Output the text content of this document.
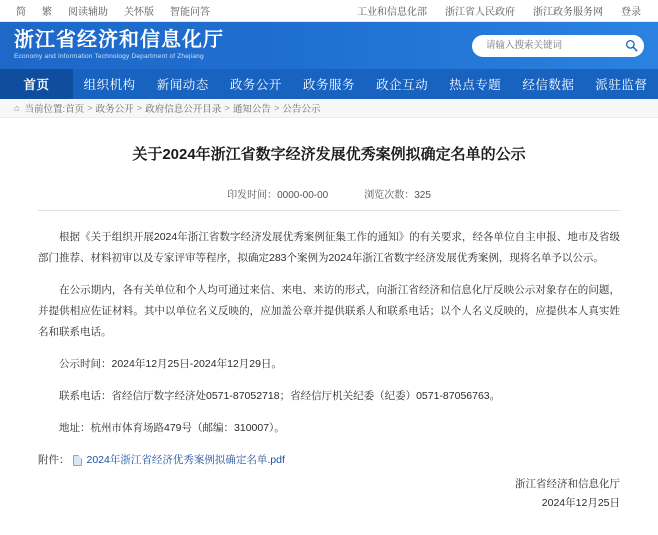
简	繁	阅读辅助	关怀版	智能问答	工业和信息化部	浙江省人民政府	浙江政务服务网	登录
浙江省经济和信息化厅
Economy and Information Technology Department of Zhejiang
请输入搜索关键词
首页	组织机构	新闻动态	政务公开	政务服务	政企互动	热点专题	经信数据	派驻监督
⌂ 当前位置: 首页 > 政务公开 > 政府信息公开目录 > 通知公告 > 公告公示
关于2024年浙江省数字经济发展优秀案例拟确定名单的公示
印发时间：0000-00-00	浏览次数：325

根据《关于组织开展2024年浙江省数字经济发展优秀案例征集工作的通知》的有关要求，经各单位自主申报、地市及省级部门推荐、材料初审以及专家评审等程序，拟确定283个案例为2024年浙江省数字经济发展优秀案例，现将名单予以公示。

在公示期内，各有关单位和个人均可通过来信、来电、来访的形式，向浙江省经济和信息化厅反映公示对象存在的问题，并提供相应佐证材料。其中以单位名义反映的，应加盖公章并提供联系人和联系电话；以个人名义反映的，应提供本人真实姓名和联系电话。

公示时间：2024年12月25日-2024年12月29日。

联系电话：省经信厅数字经济处0571-87052718；省经信厅机关纪委（纪委）0571-87056763。

地址：杭州市体育场路479号（邮编：310007）。

附件： 2024年浙江省经济优秀案例拟确定名单.pdf
浙江省经济和信息化厅
2024年12月25日
